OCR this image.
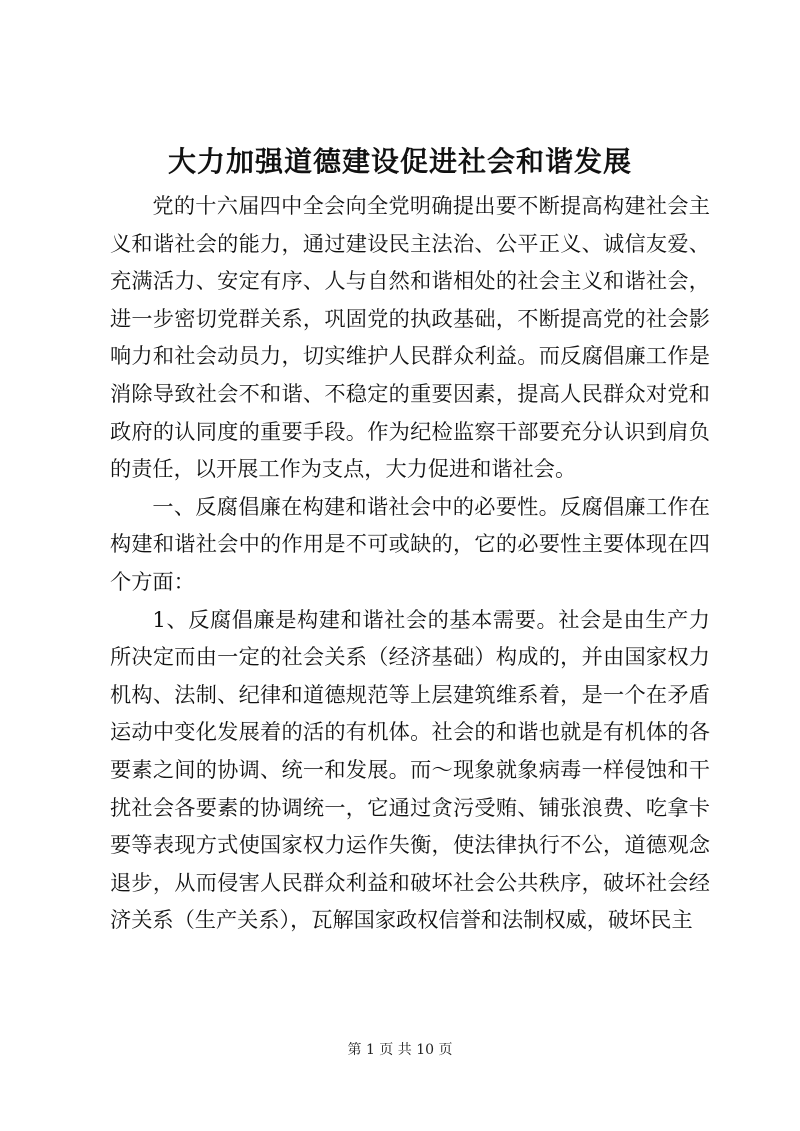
大力加强道德建设促进社会和谐发展

党的十六届四中全会向全党明确提出要不断提高构建社会主义和谐社会的能力，通过建设民主法治、公平正义、诚信友爱、充满活力、安定有序、人与自然和谐相处的社会主义和谐社会，进一步密切党群关系，巩固党的执政基础，不断提高党的社会影响力和社会动员力，切实维护人民群众利益。而反腐倡廉工作是消除导致社会不和谐、不稳定的重要因素，提高人民群众对党和政府的认同度的重要手段。作为纪检监察干部要充分认识到肩负的责任，以开展工作为支点，大力促进和谐社会。

一、反腐倡廉在构建和谐社会中的必要性。反腐倡廉工作在构建和谐社会中的作用是不可或缺的，它的必要性主要体现在四个方面：

1、反腐倡廉是构建和谐社会的基本需要。社会是由生产力所决定而由一定的社会关系（经济基础）构成的，并由国家权力机构、法制、纪律和道德规范等上层建筑维系着，是一个在矛盾运动中变化发展着的活的有机体。社会的和谐也就是有机体的各要素之间的协调、统一和发展。而～现象就象病毒一样侵蚀和干扰社会各要素的协调统一，它通过贪污受贿、铺张浪费、吃拿卡要等表现方式使国家权力运作失衡，使法律执行不公，道德观念退步，从而侵害人民群众利益和破坏社会公共秩序，破坏社会经济关系（生产关系），瓦解国家政权信誉和法制权威，破坏民主

第 1 页 共 10 页
